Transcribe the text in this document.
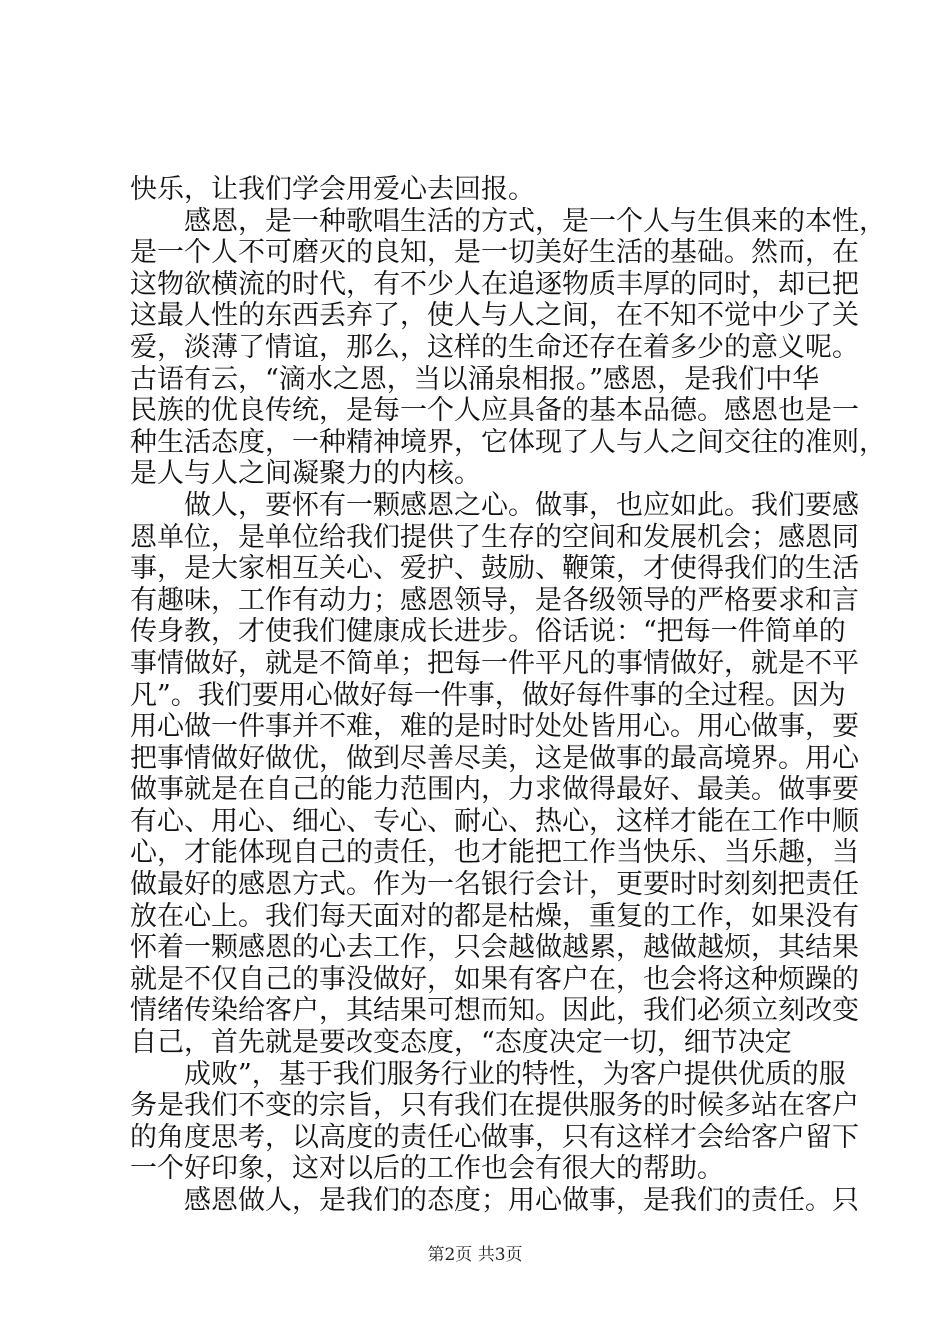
快乐，让我们学会用爱心去回报。
感恩，是一种歌唱生活的方式，是一个人与生俱来的本性，
是一个人不可磨灭的良知，是一切美好生活的基础。然而，在
这物欲横流的时代，有不少人在追逐物质丰厚的同时，却已把
这最人性的东西丢弃了，使人与人之间，在不知不觉中少了关
爱，淡薄了情谊，那么，这样的生命还存在着多少的意义呢。
古语有云，“滴水之恩，当以涌泉相报。”感恩，是我们中华
民族的优良传统，是每一个人应具备的基本品德。感恩也是一
种生活态度，一种精神境界，它体现了人与人之间交往的准则，
是人与人之间凝聚力的内核。
做人，要怀有一颗感恩之心。做事，也应如此。我们要感
恩单位，是单位给我们提供了生存的空间和发展机会；感恩同
事，是大家相互关心、爱护、鼓励、鞭策，才使得我们的生活
有趣味，工作有动力；感恩领导，是各级领导的严格要求和言
传身教，才使我们健康成长进步。俗话说：“把每一件简单的
事情做好，就是不简单；把每一件平凡的事情做好，就是不平
凡”。我们要用心做好每一件事，做好每件事的全过程。因为
用心做一件事并不难，难的是时时处处皆用心。用心做事，要
把事情做好做优，做到尽善尽美，这是做事的最高境界。用心
做事就是在自己的能力范围内，力求做得最好、最美。做事要
有心、用心、细心、专心、耐心、热心，这样才能在工作中顺
心，才能体现自己的责任，也才能把工作当快乐、当乐趣，当
做最好的感恩方式。作为一名银行会计，更要时时刻刻把责任
放在心上。我们每天面对的都是枯燥，重复的工作，如果没有
怀着一颗感恩的心去工作，只会越做越累，越做越烦，其结果
就是不仅自己的事没做好，如果有客户在，也会将这种烦躁的
情绪传染给客户，其结果可想而知。因此，我们必须立刻改变
自己，首先就是要改变态度，“态度决定一切，细节决定
成败”，基于我们服务行业的特性，为客户提供优质的服
务是我们不变的宗旨，只有我们在提供服务的时候多站在客户
的角度思考，以高度的责任心做事，只有这样才会给客户留下
一个好印象，这对以后的工作也会有很大的帮助。
感恩做人，是我们的态度；用心做事，是我们的责任。只
第2页 共3页
